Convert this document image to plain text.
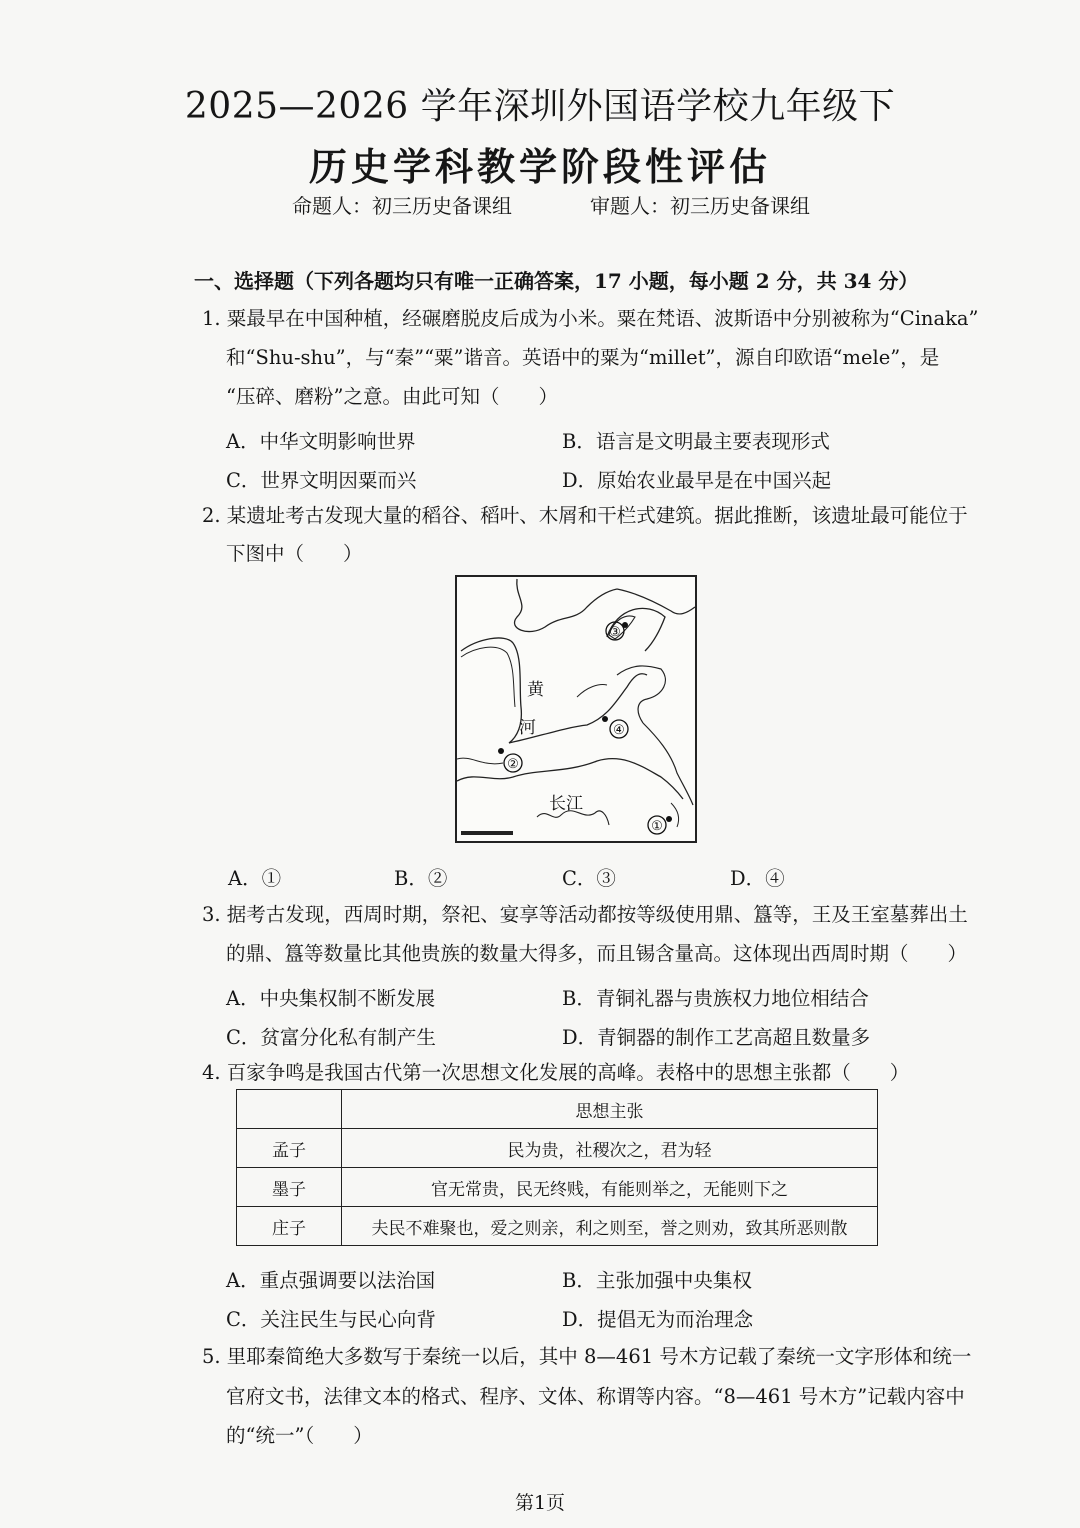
2025—2026 学年深圳外国语学校九年级下
历史学科教学阶段性评估
命题人：初三历史备课组	审题人：初三历史备课组
一、选择题（下列各题均只有唯一正确答案，17 小题，每小题 2 分，共 34 分）
1. 粟最早在中国种植，经碾磨脱皮后成为小米。粟在梵语、波斯语中分别被称为“Cinaka”
和“Shu-shu”，与“秦”“粟”谐音。英语中的粟为“millet”，源自印欧语“mele”，是
“压碎、磨粉”之意。由此可知（　　）
A．中华文明影响世界	B．语言是文明最主要表现形式
C．世界文明因粟而兴	D．原始农业最早是在中国兴起
2. 某遗址考古发现大量的稻谷、稻叶、木屑和干栏式建筑。据此推断，该遗址最可能位于
下图中（　　）
③
④
②
①
黄
河
长江
A．①	B．②	C．③	D．④
3. 据考古发现，西周时期，祭祀、宴享等活动都按等级使用鼎、簋等，王及王室墓葬出土
的鼎、簋等数量比其他贵族的数量大得多，而且锡含量高。这体现出西周时期（　　）
A．中央集权制不断发展	B．青铜礼器与贵族权力地位相结合
C．贫富分化私有制产生	D．青铜器的制作工艺高超且数量多
4. 百家争鸣是我国古代第一次思想文化发展的高峰。表格中的思想主张都（　　）
	思想主张
孟子	民为贵，社稷次之，君为轻
墨子	官无常贵，民无终贱，有能则举之，无能则下之
庄子	夫民不难聚也，爱之则亲，利之则至，誉之则劝，致其所恶则散
A．重点强调要以法治国	B．主张加强中央集权
C．关注民生与民心向背	D．提倡无为而治理念
5. 里耶秦简绝大多数写于秦统一以后，其中 8—461 号木方记载了秦统一文字形体和统一
官府文书，法律文本的格式、程序、文体、称谓等内容。“8—461 号木方”记载内容中
的“统一”（　　）
第1页
